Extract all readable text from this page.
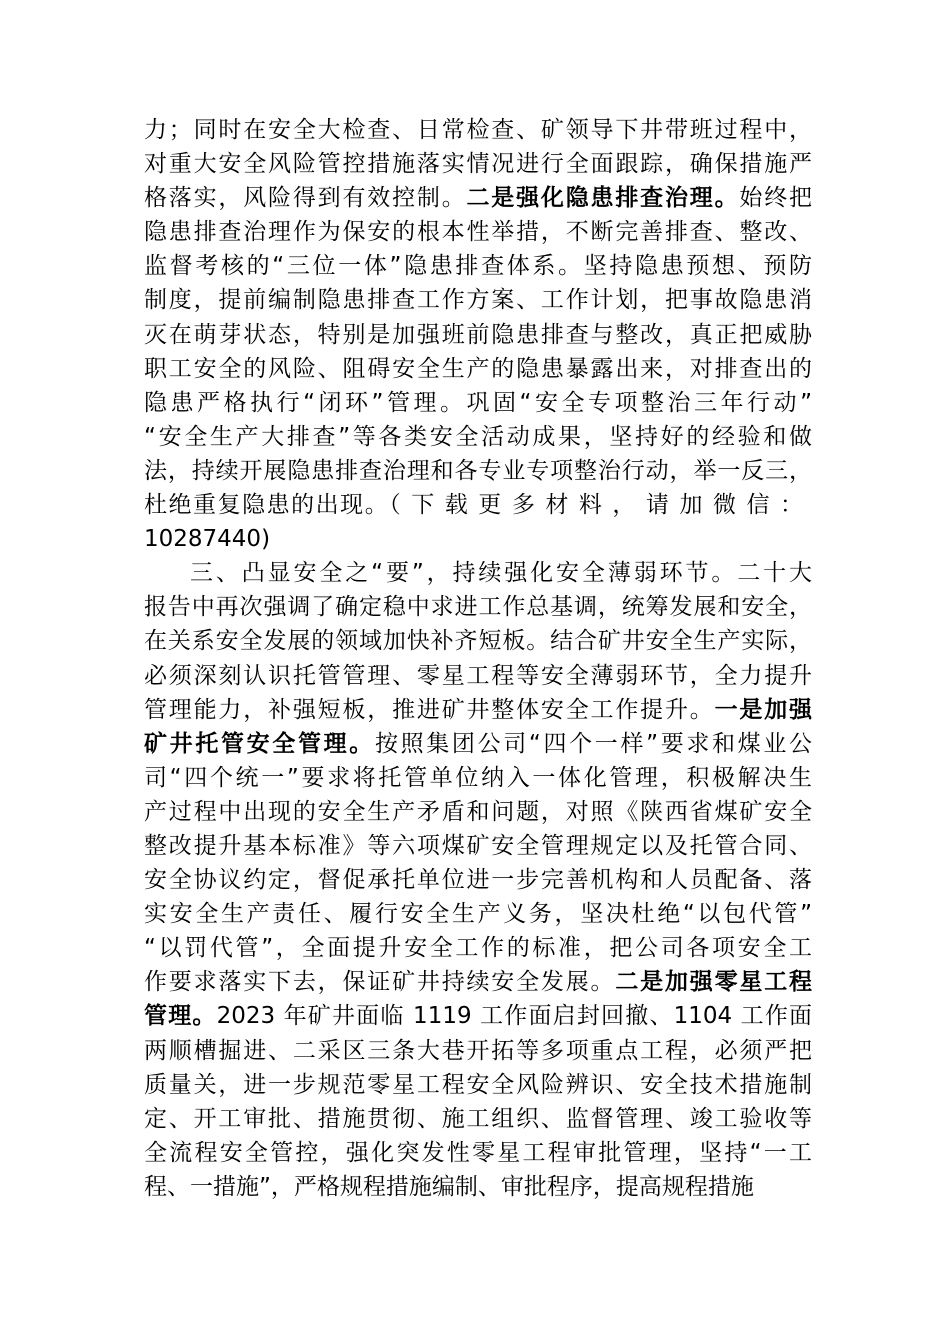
力；同时在安全大检查、日常检查、矿领导下井带班过程中，
对重大安全风险管控措施落实情况进行全面跟踪，确保措施严
格落实，风险得到有效控制。二是强化隐患排查治理。始终把
隐患排查治理作为保安的根本性举措，不断完善排查、整改、
监督考核的“三位一体”隐患排查体系。坚持隐患预想、预防
制度，提前编制隐患排查工作方案、工作计划，把事故隐患消
灭在萌芽状态，特别是加强班前隐患排查与整改，真正把威胁
职工安全的风险、阻碍安全生产的隐患暴露出来，对排查出的
隐患严格执行“闭环”管理。巩固“安全专项整治三年行动”
“安全生产大排查”等各类安全活动成果，坚持好的经验和做
法，持续开展隐患排查治理和各专业专项整治行动，举一反三，
杜绝重复隐患的出现。（下载更多材料，请加微信：
10287440)
三、凸显安全之“要”，持续强化安全薄弱环节。二十大
报告中再次强调了确定稳中求进工作总基调，统筹发展和安全，
在关系安全发展的领域加快补齐短板。结合矿井安全生产实际，
必须深刻认识托管管理、零星工程等安全薄弱环节，全力提升
管理能力，补强短板，推进矿井整体安全工作提升。一是加强
矿井托管安全管理。按照集团公司“四个一样”要求和煤业公
司“四个统一”要求将托管单位纳入一体化管理，积极解决生
产过程中出现的安全生产矛盾和问题，对照《陕西省煤矿安全
整改提升基本标准》等六项煤矿安全管理规定以及托管合同、
安全协议约定，督促承托单位进一步完善机构和人员配备、落
实安全生产责任、履行安全生产义务，坚决杜绝“以包代管”
“以罚代管”，全面提升安全工作的标准，把公司各项安全工
作要求落实下去，保证矿井持续安全发展。二是加强零星工程
管理。2023 年矿井面临 1119 工作面启封回撤、1104 工作面
两顺槽掘进、二采区三条大巷开拓等多项重点工程，必须严把
质量关，进一步规范零星工程安全风险辨识、安全技术措施制
定、开工审批、措施贯彻、施工组织、监督管理、竣工验收等
全流程安全管控，强化突发性零星工程审批管理，坚持“一工
程、一措施”，严格规程措施编制、审批程序，提高规程措施
